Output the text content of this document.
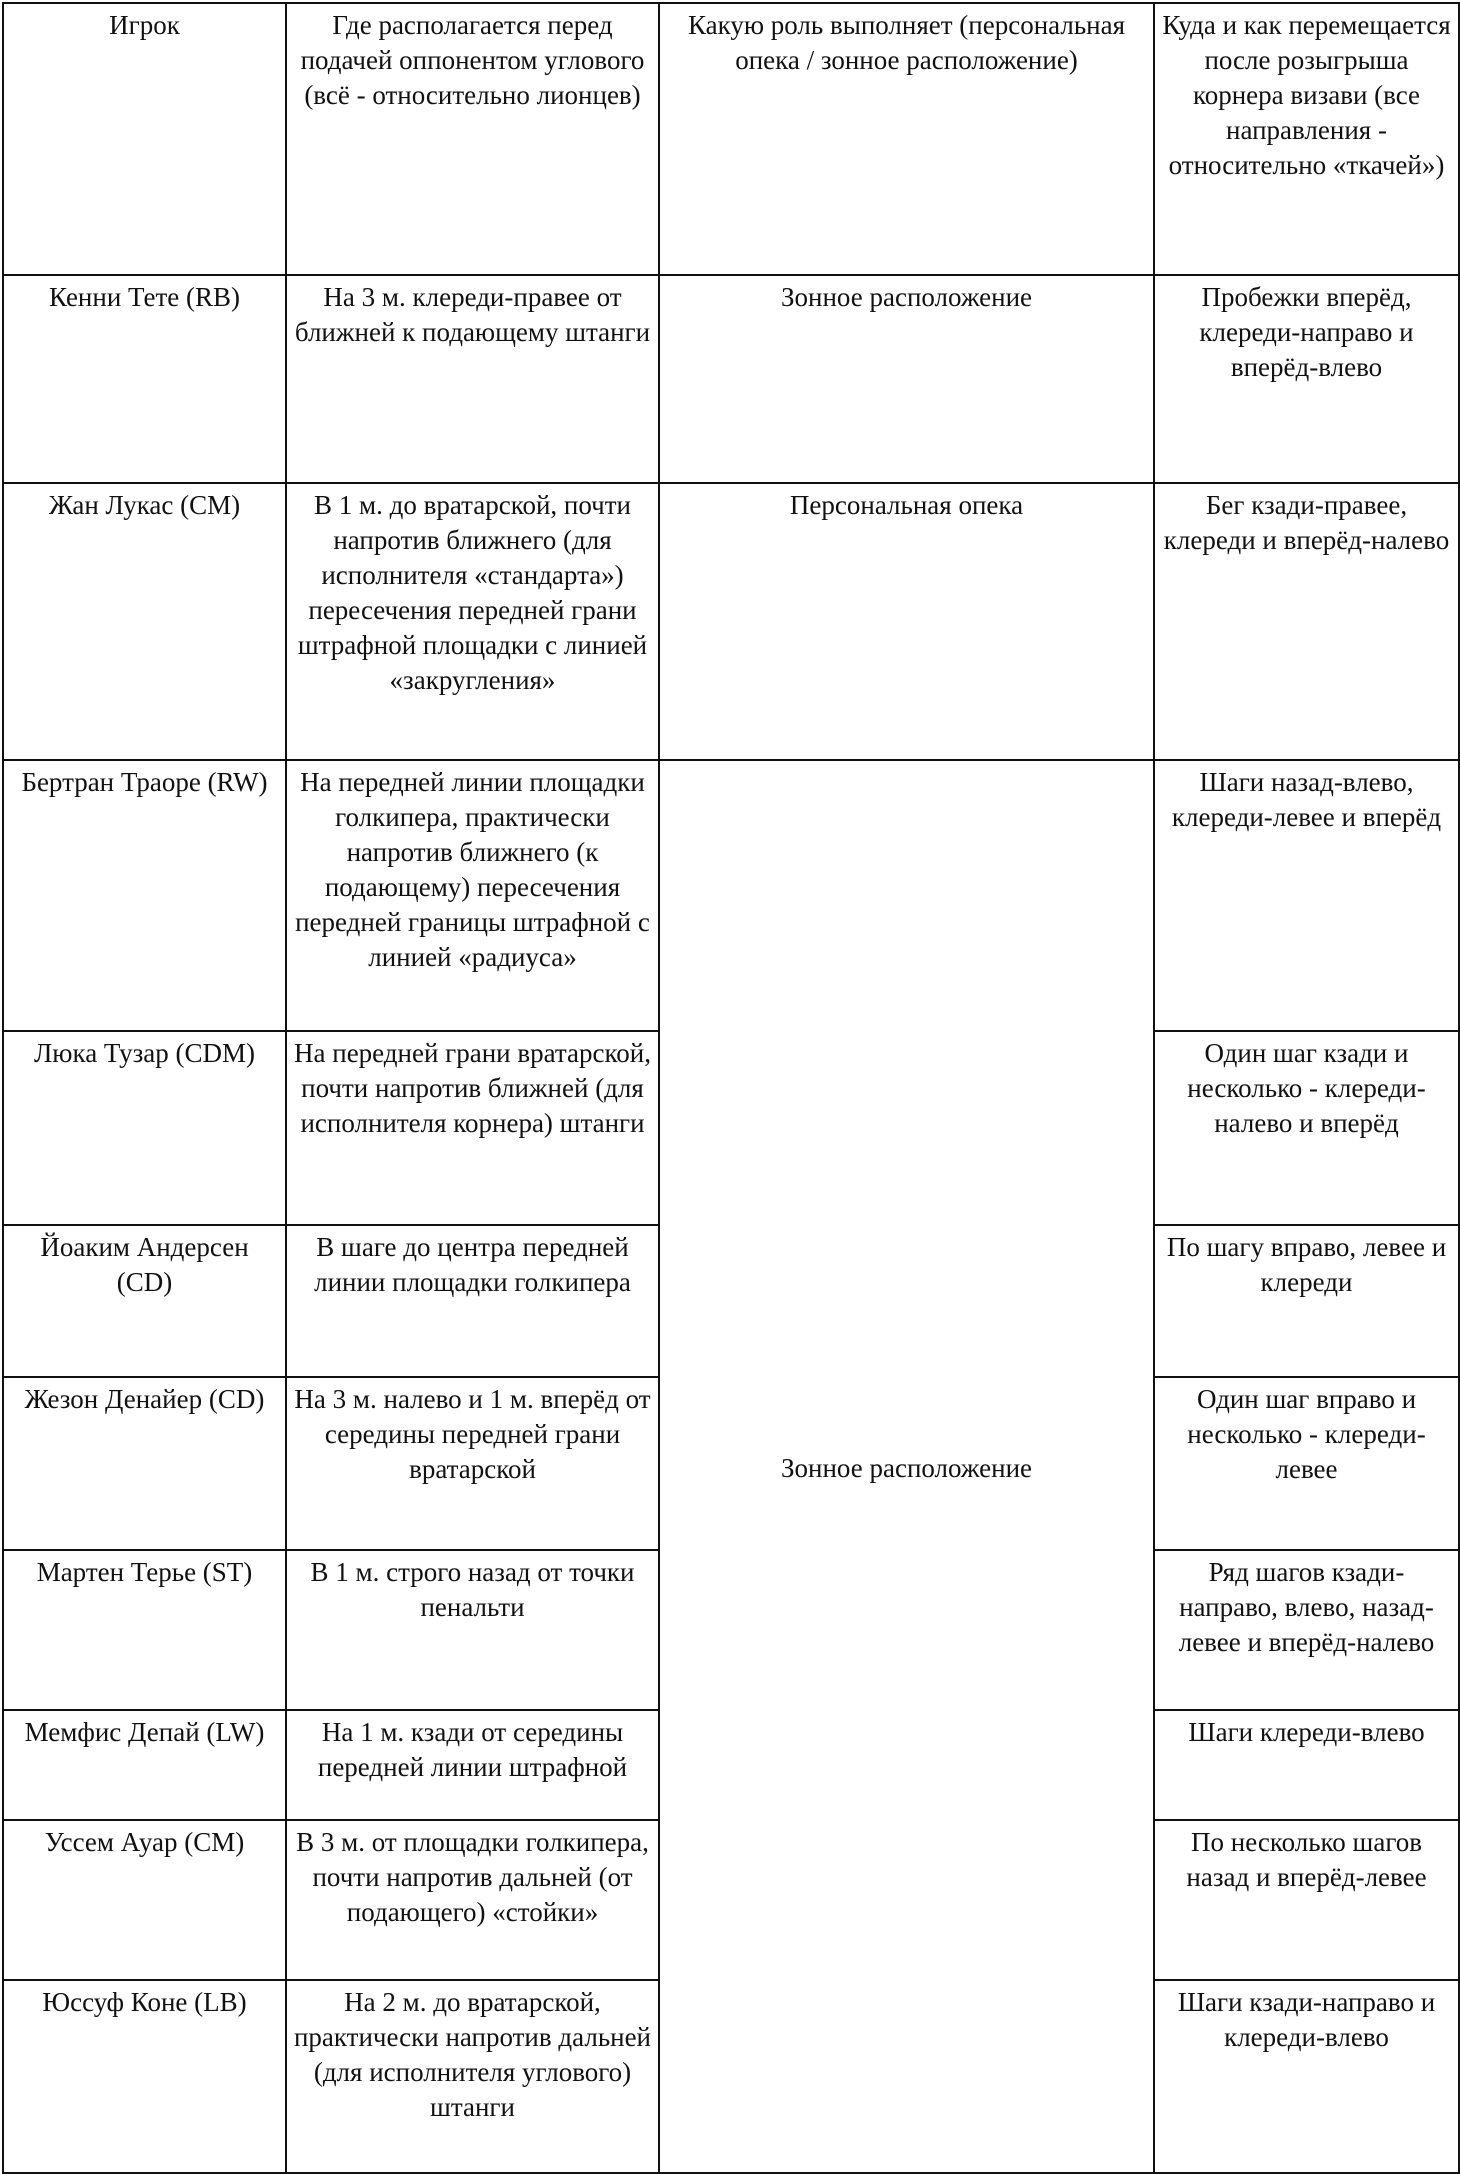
Игрок	Где располагается перед подачей оппонентом углового (всё - относительно лионцев)	Какую роль выполняет (персональная опека / зонное расположение)	Куда и как перемещается после розыгрыша корнера визави (все направления - относительно «ткачей»)
Кенни Тете (RB)	На 3 м. клереди-правее от ближней к подающему штанги	Зонное расположение	Пробежки вперёд, клереди-направо и вперёд-влево
Жан Лукас (CM)	В 1 м. до вратарской, почти напротив ближнего (для исполнителя «стандарта») пересечения передней грани штрафной площадки с линией «закругления»	Персональная опека	Бег кзади-правее, клереди и вперёд-налево
Бертран Траоре (RW)	На передней линии площадки голкипера, практически напротив ближнего (к подающему) пересечения передней границы штрафной с линией «радиуса»	Зонное расположение	Шаги назад-влево, клереди-левее и вперёд
Люка Тузар (CDM)	На передней грани вратарской, почти напротив ближней (для исполнителя корнера) штанги		Один шаг кзади и несколько - клереди-налево и вперёд
Йоаким Андерсен (CD)	В шаге до центра передней линии площадки голкипера		По шагу вправо, левее и клереди
Жезон Денайер (CD)	На 3 м. налево и 1 м. вперёд от середины передней грани вратарской		Один шаг вправо и несколько - клереди-левее
Мартен Терье (ST)	В 1 м. строго назад от точки пенальти		Ряд шагов кзади-направо, влево, назад-левее и вперёд-налево
Мемфис Депай (LW)	На 1 м. кзади от середины передней линии штрафной		Шаги клереди-влево
Уссем Ауар (CM)	В 3 м. от площадки голкипера, почти напротив дальней (от подающего) «стойки»		По несколько шагов назад и вперёд-левее
Юссуф Коне (LB)	На 2 м. до вратарской, практически напротив дальней (для исполнителя углового) штанги		Шаги кзади-направо и клереди-влево
